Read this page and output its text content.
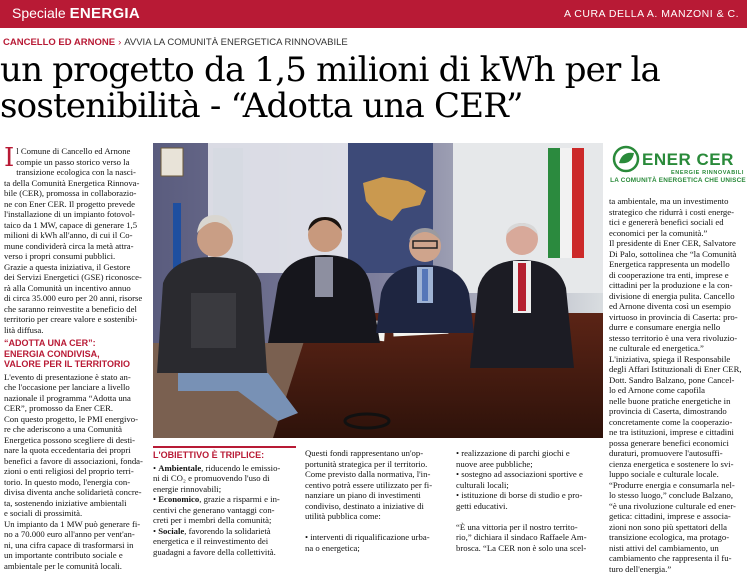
Speciale ENERGIA	A CURA DELLA A. MANZONI & C.
CANCELLO ED ARNONE › AVVIA LA COMUNITÀ ENERGETICA RINNOVABILE
un progetto da 1,5 milioni di kWh per la
sostenibilità - “Adotta una CER”
I l Comune di Cancello ed Arnone
compie un passo storico verso la
transizione ecologica con la nasci-
ta della Comunità Energetica Rinnova-
bile (CER), promossa in collaborazio-
ne con Ener CER. Il progetto prevede
l'installazione di un impianto fotovol-
taico da 1 MW, capace di generare 1,5
milioni di kWh all'anno, di cui il Co-
mune condividerà circa la metà attra-
verso i propri consumi pubblici.
Grazie a questa iniziativa, il Gestore
dei Servizi Energetici (GSE) riconosce-
rà alla Comunità un incentivo annuo
di circa 35.000 euro per 20 anni, risorse
che saranno reinvestite a beneficio del
territorio per creare valore e sostenibi-
lità diffusa.
“ADOTTA UNA CER”:
ENERGIA CONDIVISA,
VALORE PER IL TERRITORIO
L'evento di presentazione è stato an-
che l'occasione per lanciare a livello
nazionale il programma “Adotta una
CER”, promosso da Ener CER.
Con questo progetto, le PMI energivo-
re che aderiscono a una Comunità
Energetica possono scegliere di desti-
nare la quota eccedentaria dei propri
benefici a favore di associazioni, fonda-
zioni o enti religiosi del proprio terri-
torio. In questo modo, l'energia con-
divisa diventa anche solidarietà concre-
ta, sostenendo iniziative ambientali
e sociali di prossimità.
Un impianto da 1 MW può generare fi-
no a 70.000 euro all'anno per vent'an-
ni, una cifra capace di trasformarsi in
un importante contributo sociale e
ambientale per le comunità locali.
ENER CER
ENERGIE RINNOVABILI
LA COMUNITÀ ENERGETICA CHE UNISCE
L'OBIETTIVO È TRIPLICE:
• Ambientale, riducendo le emissio-
ni di CO₂ e promuovendo l'uso di
energie rinnovabili;
• Economico, grazie a risparmi e in-
centivi che generano vantaggi con-
creti per i membri della comunità;
• Sociale, favorendo la solidarietà
energetica e il reinvestimento dei
guadagni a favore della collettività.
Questi fondi rappresentano un'op-
portunità strategica per il territorio.
Come previsto dalla normativa, l'in-
centivo potrà essere utilizzato per fi-
nanziare un piano di investimenti
condiviso, destinato a iniziative di
utilità pubblica come:
• interventi di riqualificazione urba-
na o energetica;
• realizzazione di parchi giochi e
nuove aree pubbliche;
• sostegno ad associazioni sportive e
culturali locali;
• istituzione di borse di studio e pro-
getti educativi.
“È una vittoria per il nostro territo-
rio,” dichiara il sindaco Raffaele Am-
brosca. “La CER non è solo una scel-
ta ambientale, ma un investimento
strategico che ridurrà i costi energe-
tici e genererà benefici sociali ed
economici per la comunità.”
Il presidente di Ener CER, Salvatore
Di Palo, sottolinea che “la Comunità
Energetica rappresenta un modello
di cooperazione tra enti, imprese e
cittadini per la produzione e la con-
divisione di energia pulita. Cancello
ed Arnone diventa così un esempio
virtuoso in provincia di Caserta: pro-
durre e consumare energia nello
stesso territorio è una vera rivoluzio-
ne culturale ed energetica.”
L'iniziativa, spiega il Responsabile
degli Affari Istituzionali di Ener CER,
Dott. Sandro Balzano, pone Cancel-
lo ed Arnone come capofila
nelle buone pratiche energetiche in
provincia di Caserta, dimostrando
concretamente come la cooperazio-
ne tra istituzioni, imprese e cittadini
possa generare benefici economici
duraturi, promuovere l'autosuffi-
cienza energetica e sostenere lo svi-
luppo sociale e culturale locale.
“Produrre energia e consumarla nel-
lo stesso luogo,” conclude Balzano,
“è una rivoluzione culturale ed ener-
getica: cittadini, imprese e associa-
zioni non sono più spettatori della
transizione ecologica, ma protago-
nisti attivi del cambiamento, un
cambiamento che rappresenta il fu-
turo dell'energia.”
